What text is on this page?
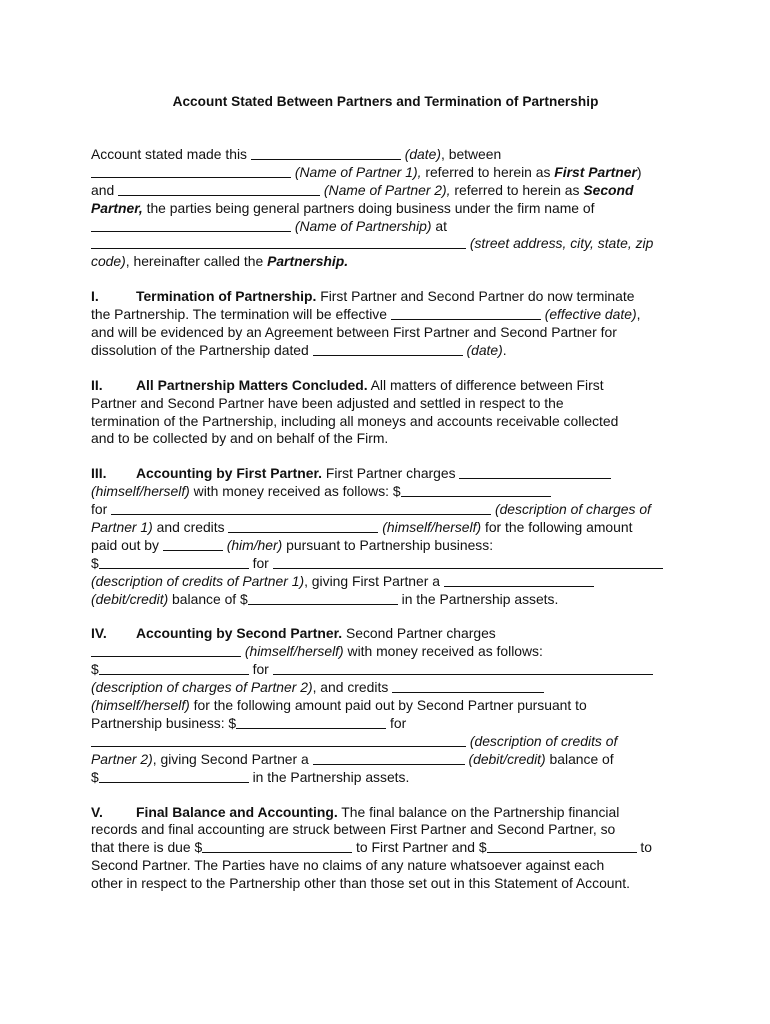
Account Stated Between Partners and Termination of Partnership
Account stated made this	(date), between
(Name of Partner 1), referred to herein as First Partner)
and	(Name of Partner 2), referred to herein as Second
Partner, the parties being general partners doing business under the firm name of
(Name of Partnership) at
(street address, city, state, zip
code), hereinafter called the Partnership.
I.	Termination of Partnership. First Partner and Second Partner do now terminate
the Partnership. The termination will be effective	(effective date),
and will be evidenced by an Agreement between First Partner and Second Partner for
dissolution of the Partnership dated	(date).
II. All Partnership Matters Concluded. All matters of difference between First
Partner and Second Partner have been adjusted and settled in respect to the
termination of the Partnership, including all moneys and accounts receivable collected
and to be collected by and on behalf of the Firm.
III. Accounting by First Partner. First Partner charges
(himself/herself) with money received as follows: $
for	(description of charges of
Partner 1) and credits	(himself/herself) for the following amount
paid out by	(him/her) pursuant to Partnership business:
$	for
(description of credits of Partner 1), giving First Partner a
(debit/credit) balance of $	in the Partnership assets.
IV. Accounting by Second Partner. Second Partner charges
(himself/herself) with money received as follows:
$	for
(description of charges of Partner 2), and credits
(himself/herself) for the following amount paid out by Second Partner pursuant to
Partnership business: $	for
(description of credits of
Partner 2), giving Second Partner a	(debit/credit) balance of
$	in the Partnership assets.
V. Final Balance and Accounting. The final balance on the Partnership financial
records and final accounting are struck between First Partner and Second Partner, so
that there is due $	to First Partner and $	to
Second Partner. The Parties have no claims of any nature whatsoever against each
other in respect to the Partnership other than those set out in this Statement of Account.
